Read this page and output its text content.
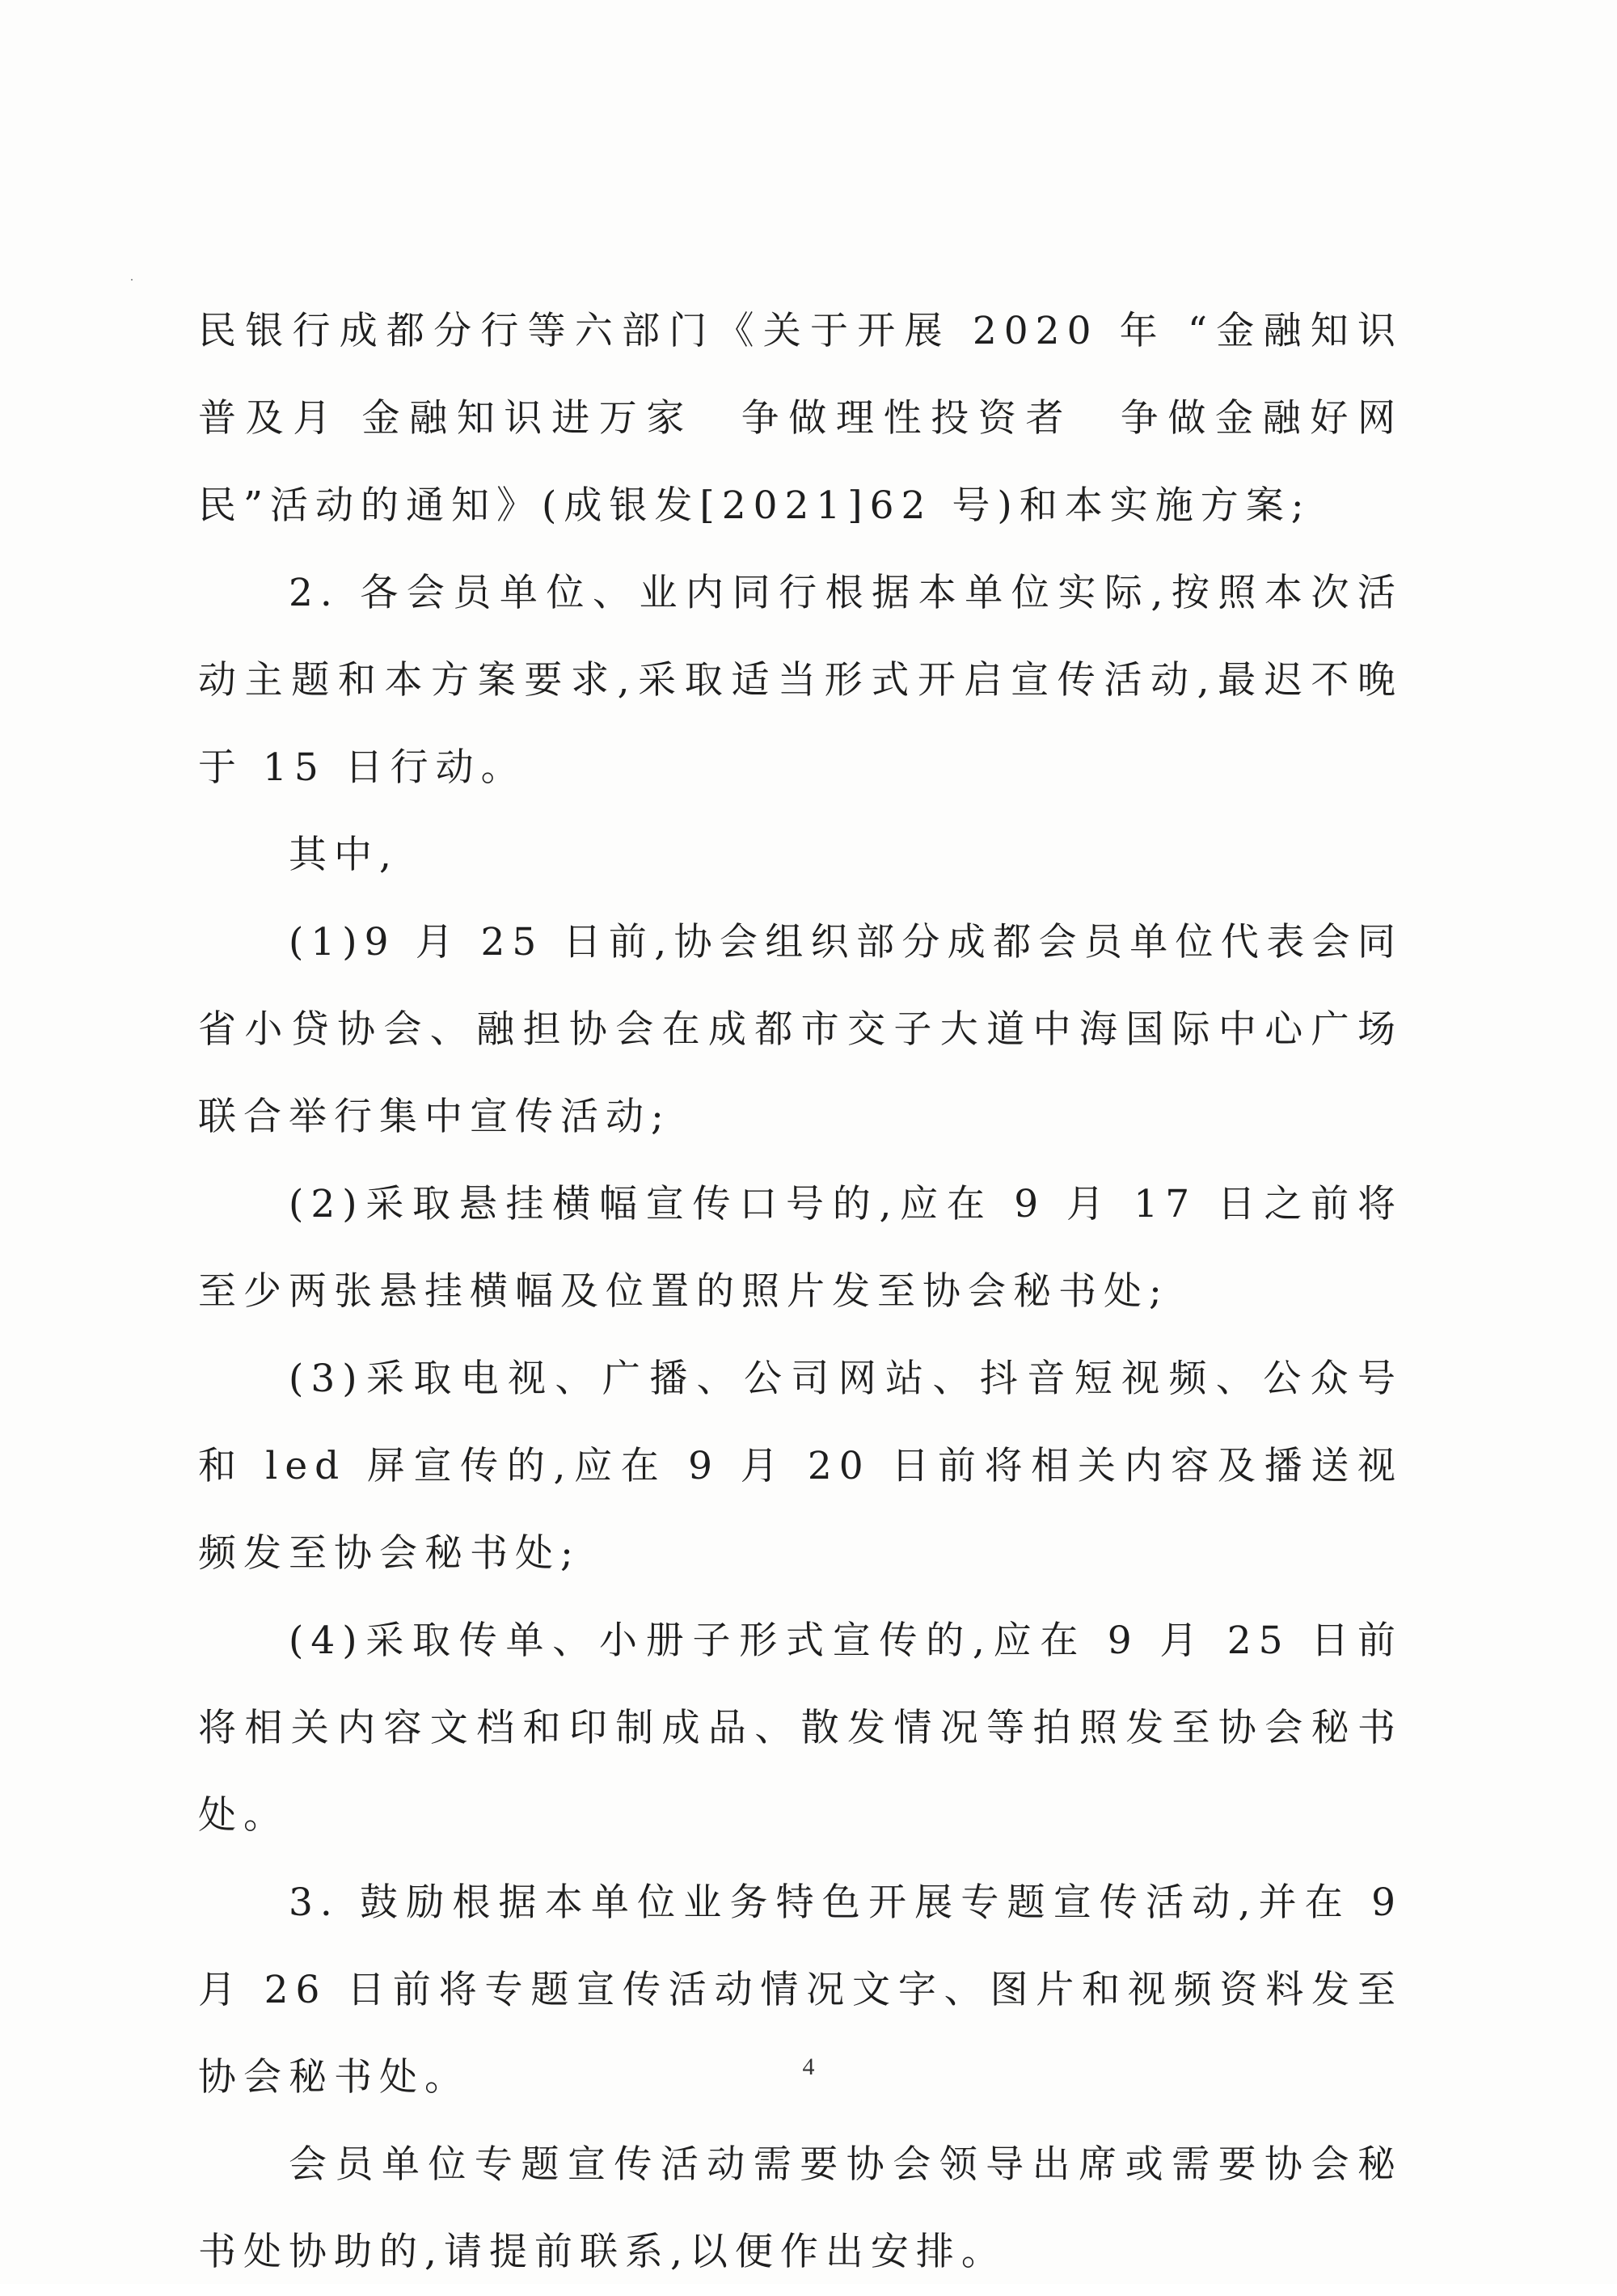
民银行成都分行等六部门《关于开展 2020 年 “金融知识普及月 金融知识进万家　争做理性投资者　争做金融好网民”活动的通知》(成银发[2021]62 号)和本实施方案;

2. 各会员单位、业内同行根据本单位实际,按照本次活动主题和本方案要求,采取适当形式开启宣传活动,最迟不晚于 15 日行动。

其中,

(1)9 月 25 日前,协会组织部分成都会员单位代表会同省小贷协会、融担协会在成都市交子大道中海国际中心广场联合举行集中宣传活动;

(2)采取悬挂横幅宣传口号的,应在 9 月 17 日之前将至少两张悬挂横幅及位置的照片发至协会秘书处;

(3)采取电视、广播、公司网站、抖音短视频、公众号和 led 屏宣传的,应在 9 月 20 日前将相关内容及播送视频发至协会秘书处;

(4)采取传单、小册子形式宣传的,应在 9 月 25 日前将相关内容文档和印制成品、散发情况等拍照发至协会秘书处。

3. 鼓励根据本单位业务特色开展专题宣传活动,并在 9 月 26 日前将专题宣传活动情况文字、图片和视频资料发至协会秘书处。

会员单位专题宣传活动需要协会领导出席或需要协会秘书处协助的,请提前联系,以便作出安排。

4
